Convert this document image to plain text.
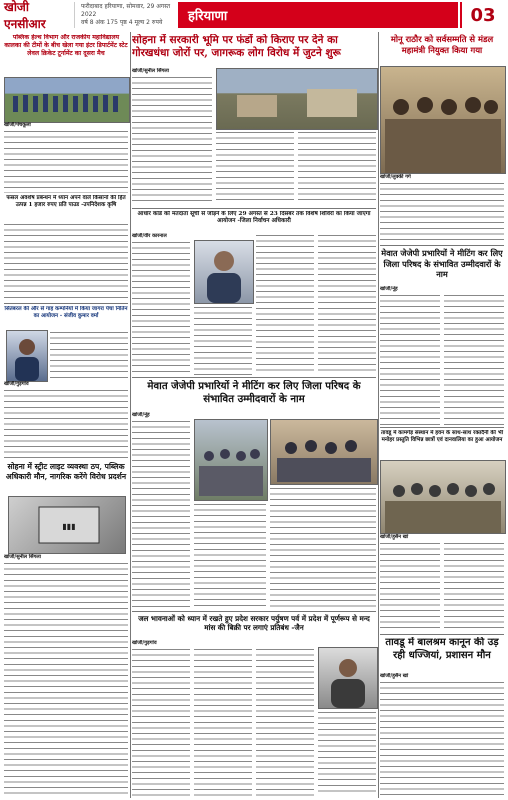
खोजी एनसीआर
फरीदाबाद हरियाणा, सोमवार, 29 अगस्त 2022
वर्ष 8 अंक 175 पृष्ठ 4 मूल्य 2 रुपये	हरियाणा	03
पब्लिक हेल्थ विभाग और राजकीय महाविद्यालय कालका की टीमों के बीच खेला गया इंटर डिपार्टमेंट स्टेट लेवल क्रिकेट टूर्नामेंट का दूसरा मैच
खोजी/पंचकूला
फसल अवशेष प्रबन्धन में ध्यान अपने वाले किसानों की हित उत्पन्न 1 हजार रुपए प्रति पाउड -उपनिदेशक कृषि
सितंबरल की और से गाह कम्पनियों में किया जागरा पेंचा नितिन का आयोजन - संजीव कुमार वर्मा
खोजी/गुड़गांव
सोहना में स्ट्रीट लाइट व्यवस्था ठप, पब्लिक अधिकारी मौन, नागरिक करेंगे विरोध प्रदर्शन
▮▮▮
खोजी/सुनील सिंगला
सोहना में सरकारी भूमि पर फंडों को किराए पर देने का गोरखधंधा जोरों पर, जागरूक लोग विरोध में जुटने शुरू
खोजी/सुनील सिंगला
आधार कार्ड को मतदाता सूची से जोड़ने के लिए 29 अगस्त से 23 दिसंबर तक विशेष शिविरों का किया जाएगा आयोजन -जिला निर्वाचन अधिकारी
खोजी/वीर कारनाल
मेवात जेजेपी प्रभारियों ने मीटिंग कर लिए जिला परिषद के संभावित उम्मीदवारों के नाम
खोजी/नूंह
जल भावनाओं को ध्यान में रखते हुए प्रदेश सरकार पर्युषण पर्व में प्रदेश में पूर्णरूप से मन्द मांस की बिक्री पर लगाएं प्रतिबंध -जैन
खोजी/गुड़गांव
मोनू राठौर को सर्वसम्मति से मंडल महामंत्री नियुक्त किया गया
खोजी/लुक्की गर्ग
मेवात जेजेपी प्रभारियों ने मीटिंग कर लिए जिला परिषद के संभावित उम्मीदवारों के नाम
खोजी/नूंह
तावडू में कामगेड़ संस्थान में हवन के साथ-साथ रक्तदैनी की भी मनोहर प्रस्तुति विभिन्न छात्रों एवं दानवालिया का हुआ आयोजन
खोजी/हुसैन खां
तावडू में बालश्रम कानून की उड़ रही धज्जियां, प्रशासन मौन
खोजी/हुसैन खां
